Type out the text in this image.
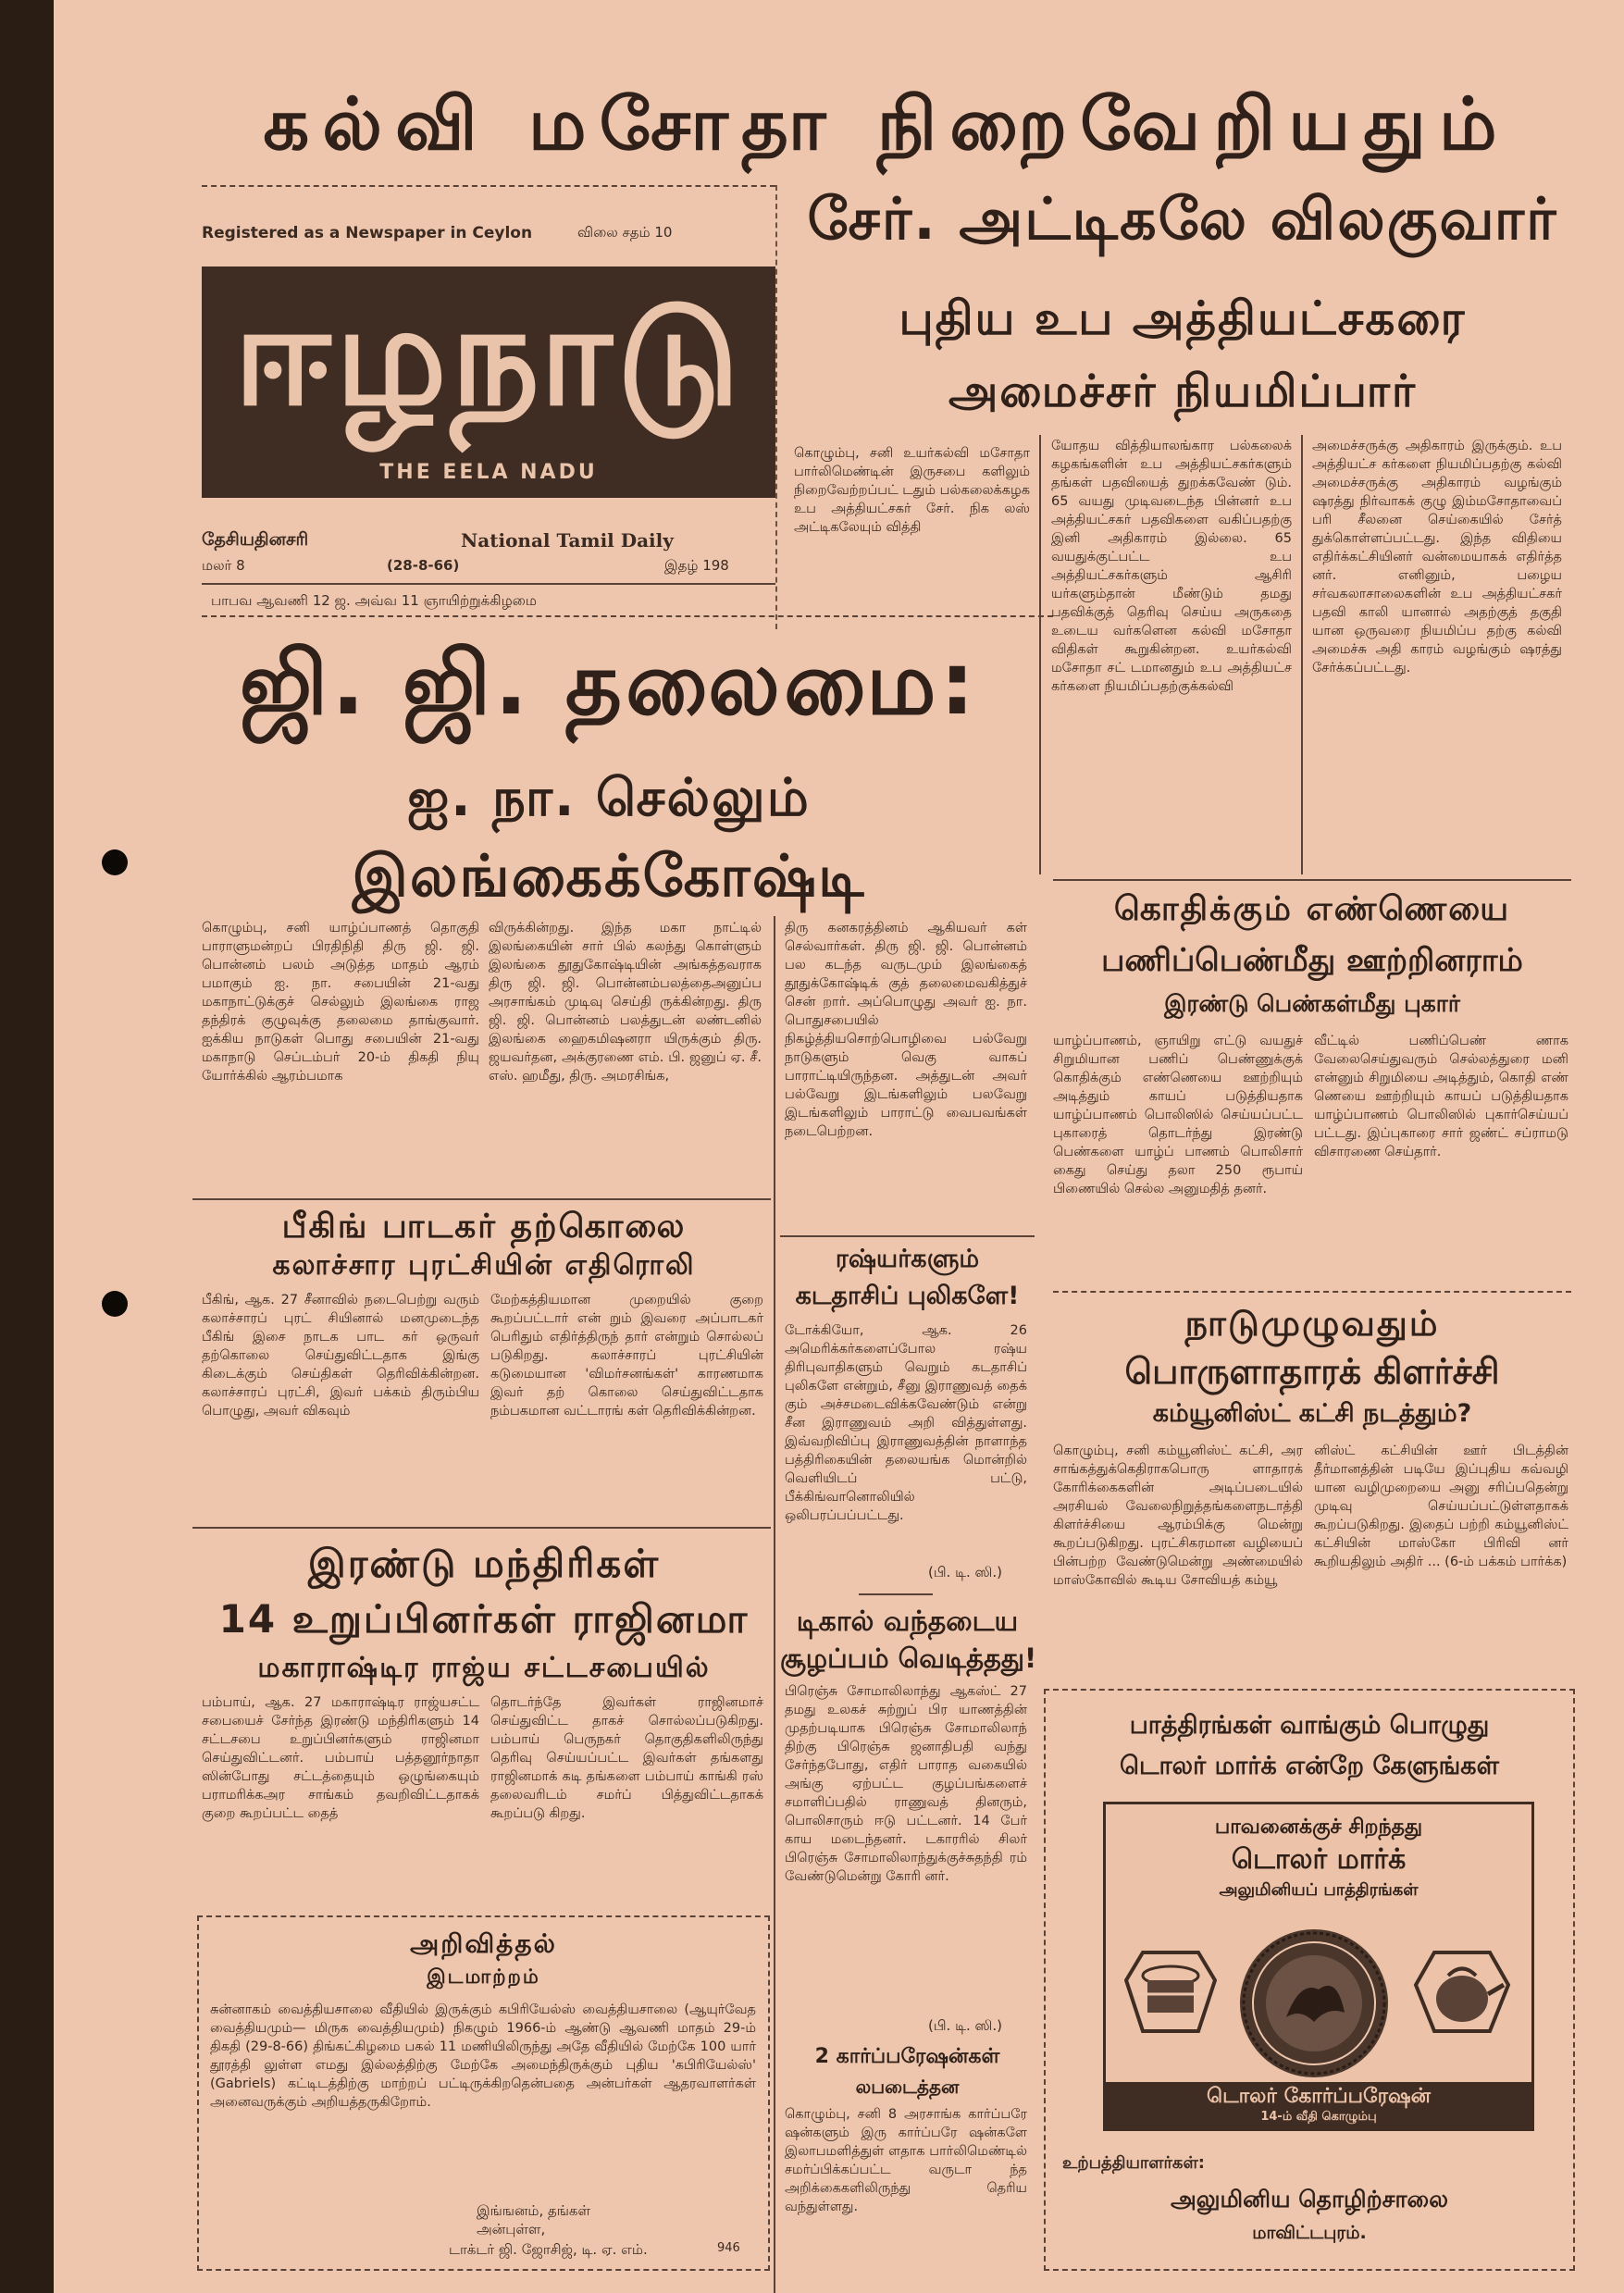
கல்வி மசோதா நிறைவேறியதும்
Registered as a Newspaper in Ceylon	விலை சதம் 10
ஈழநாடு
THE EELA NADU
தேசியதினசரி	National Tamil Daily
மலர் 8	(28-8-66)	இதழ் 198
பாபவ ஆவணி 12 ஜ. அவ்வ 11 ஞாயிற்றுக்கிழமை
சேர். அட்டிகலே விலகுவார்
புதிய உப அத்தியட்சகரை
அமைச்சர் நியமிப்பார்
கொழும்பு, சனி உயர்கல்வி மசோதா பார்லிமெண்டின் இருசபை களிலும் நிறைவேற்றப்பட் டதும் பல்கலைக்கழக உப அத்தியட்சகர் சேர். நிக லஸ் அட்டிகலேயும் வித்தி
யோதய வித்தியாலங்கார பல்கலைக் கழகங்களின் உப அத்தியட்சகர்களும் தங்கள் பதவியைத் துறக்கவேண் டும். 65 வயது முடிவடைந்த பின்னர் உப அத்தியட்சகர் பதவிகளை வகிப்பதற்கு இனி அதிகாரம் இல்லை. 65 வயதுக்குட்பட்ட உப அத்தியட்சகர்களும் ஆசிரி யர்களும்தான் மீண்டும் தமது பதவிக்குத் தெரிவு செய்ய அருகதை உடைய வர்களென கல்வி மசோதா விதிகள் கூறுகின்றன. உயர்கல்வி மசோதா சட் டமானதும் உப அத்தியட்ச கர்களை நியமிப்பதற்குக்கல்வி
அமைச்சருக்கு அதிகாரம் இருக்கும். உப அத்தியட்ச கர்களை நியமிப்பதற்கு கல்வி அமைச்சருக்கு அதிகாரம் வழங்கும் ஷரத்து நிர்வாகக் குழு இம்மசோதாவைப் பரி சீலனை செய்கையில் சேர்த் துக்கொள்ளப்பட்டது. இந்த விதியை எதிர்க்கட்சியினர் வன்மையாகக் எதிர்த்த னர். எனினும், பழைய சர்வகலாசாலைகளின் உப அத்தியட்சகர் பதவி காலி யானால் அதற்குத் தகுதி யான ஒருவரை நியமிப்ப தற்கு கல்வி அமைச்சு அதி காரம் வழங்கும் ஷரத்து சேர்க்கப்பட்டது.
ஜி. ஜி. தலைமை:
ஐ. நா. செல்லும்
இலங்கைக்கோஷ்டி
கொழும்பு, சனி யாழ்ப்பாணத் தொகுதி பாராளுமன்றப் பிரதிநிதி திரு ஜி. ஜி. பொன்னம் பலம் அடுத்த மாதம் ஆரம் பமாகும் ஐ. நா. சபையின் 21-வது மகாநாட்டுக்குச் செல்லும் இலங்கை ராஜ தந்திரக் குழுவுக்கு தலைமை தாங்குவார். ஐக்கிய நாடுகள் பொது சபையின் 21-வது மகாநாடு செப்டம்பர் 20-ம் திகதி நியு யோர்க்கில் ஆரம்பமாக
விருக்கின்றது. இந்த மகா நாட்டில் இலங்கையின் சார் பில் கலந்து கொள்ளும் இலங்கை தூதுகோஷ்டியின் அங்கத்தவராக திரு ஜி. ஜி. பொன்னம்பலத்தைஅனுப்ப அரசாங்கம் முடிவு செய்தி ருக்கின்றது. திரு ஜி. ஜி. பொன்னம் பலத்துடன் லண்டனில் இலங்கை ஹைகமிஷனரா யிருக்கும் திரு. ஜயவர்தன, அக்குரணை எம். பி. ஜனுப் ஏ. சீ. எஸ். ஹமீது, திரு. அமரசிங்க,
திரு கனகரத்தினம் ஆகியவர் கள் செல்வார்கள். திரு ஜி. ஜி. பொன்னம் பல கடந்த வருடமும் இலங்கைத் தூதுக்கோஷ்டிக் குத் தலைமைவகித்துச் சென் றார். அப்பொழுது அவர் ஐ. நா. பொதுசபையில் நிகழ்த்தியசொற்பொழிவை பல்வேறு நாடுகளும் வெகு வாகப் பாராட்டியிருந்தன. அத்துடன் அவர் பல்வேறு இடங்களிலும் பலவேறு இடங்களிலும் பாராட்டு வைபவங்கள் நடைபெற்றன.
பீகிங் பாடகர் தற்கொலை
கலாச்சார புரட்சியின் எதிரொலி
பீகிங், ஆக. 27 சீனாவில் நடைபெற்று வரும் கலாச்சாரப் புரட் சியினால் மனமுடைந்த பீகிங் இசை நாடக பாட கர் ஒருவர் தற்கொலை செய்துவிட்டதாக இங்கு கிடைக்கும் செய்திகள் தெரிவிக்கின்றன. கலாச்சாரப் புரட்சி, இவர் பக்கம் திரும்பிய பொழுது, அவர் விகவும்
மேற்கத்தியமான முறையில் குறை கூறப்பட்டார் என் றும் இவரை அப்பாடகர் பெரிதும் எதிர்த்திருந் தார் என்றும் சொல்லப் படுகிறது. கலாச்சாரப் புரட்சியின் கடுமையான 'விமர்சனங்கள்' காரணமாக இவர் தற் கொலை செய்துவிட்டதாக நம்பகமான வட்டாரங் கள் தெரிவிக்கின்றன.
இரண்டு மந்திரிகள்
14 உறுப்பினர்கள் ராஜினமா
மகாராஷ்டிர ராஜ்ய சட்டசபையில்
பம்பாய், ஆக. 27 மகாராஷ்டிர ராஜ்யசட்ட சபையைச் சேர்ந்த இரண்டு மந்திரிகளும் 14 சட்டசபை உறுப்பினர்களும் ராஜினமா செய்துவிட்டனர். பம்பாய் பத்தனூர்நாதா ஸின்போது சட்டத்தையும் ஒழுங்கையும் பராமரிக்கஅர சாங்கம் தவறிவிட்டதாகக் குறை கூறப்பட்ட தைத்
தொடர்ந்தே இவர்கள் ராஜினமாச் செய்துவிட்ட தாகச் சொல்லப்படுகிறது. பம்பாய் பெருநகர் தொகுதிகளிலிருந்து தெரிவு செய்யப்பட்ட இவர்கள் தங்களது ராஜினமாக் கடி தங்களை பம்பாய் காங்கி ரஸ் தலைவரிடம் சமர்ப் பித்துவிட்டதாகக் கூறப்படு கிறது.
அறிவித்தல்
இடமாற்றம்
சுன்னாகம் வைத்தியசாலை வீதியில் இருக்கும் கபிரியேல்ஸ் வைத்தியசாலை (ஆயுர்வேத வைத்தியமும்— மிருக வைத்தியமும்) நிகழும் 1966-ம் ஆண்டு ஆவணி மாதம் 29-ம் திகதி (29-8-66) திங்கட்கிழமை பகல் 11 மணியிலிருந்து அதே வீதியில் மேற்கே 100 யார் தூரத்தி லுள்ள எமது இல்லத்திற்கு மேற்கே அமைந்திருக்கும் புதிய 'கபிரியேல்ஸ்' (Gabriels) கட்டிடத்திற்கு மாற்றப் பட்டிருக்கிறதென்பதை அன்பர்கள் ஆதரவாளர்கள் அனைவருக்கும் அறியத்தருகிறோம்.
இங்ஙனம், தங்கள் அன்புள்ள,
டாக்டர் ஜி. ஜோசிஜ், டி. ஏ. எம்.	946
ரஷ்யர்களும்
கடதாசிப் புலிகளே!
டோக்கியோ, ஆக. 26 அமெரிக்கர்களைப்போல ரஷ்ய திரிபுவாதிகளும் வெறும் கடதாசிப் புலிகளே என்றும், சீனு இராணுவத் தைக் கும் அச்சமடைவிக்கவேண்டும் என்று சீன இராணுவம் அறி வித்துள்ளது. இவ்வறிவிப்பு இராணுவத்தின் நாளாந்த பத்திரிகையின் தலையங்க மொன்றில் வெளியிடப் பட்டு, பீக்கிங்வானொலியில் ஒலிபரப்பப்பட்டது.
(பி. டி. ஸி.)
டிகால் வந்தடைய
சூழப்பம் வெடித்தது!
பிரெஞ்சு சோமாலிலாந்து ஆகஸ்ட் 27 தமது உலகச் சுற்றுப் பிர யாணத்தின் முதற்படியாக பிரெஞ்சு சோமாலிலாந் திற்கு பிரெஞ்சு ஜனாதிபதி வந்து சேர்ந்தபோது, எதிர் பாராத வகையில் அங்கு ஏற்பட்ட குழப்பங்களைச் சமாளிப்பதில் ராணுவத் தினரும், பொலிசாரும் ஈடு பட்டனர். 14 பேர் காய மடைந்தனர். டகாரரில் சிலர் பிரெஞ்சு சோமாலிலாந்துக்குச்சுதந்தி ரம் வேண்டுமென்று கோரி னர்.
(பி. டி. ஸி.)
2 கார்ப்பரேஷன்கள்
லபடைத்தன
கொழும்பு, சனி 8 அரசாங்க கார்ப்பரே ஷன்களும் இரு கார்ப்பரே ஷன்களே இலாபமளித்துள் ளதாக பார்லிமெண்டில் சமர்ப்பிக்கப்பட்ட வருடா ந்த அறிக்கைகளிலிருந்து தெரிய வந்துள்ளது.
கொதிக்கும் எண்ணெயை
பணிப்பெண்மீது ஊற்றினராம்
இரண்டு பெண்கள்மீது புகார்
யாழ்ப்பாணம், ஞாயிறு எட்டு வயதுச் சிறுமியான பணிப் பெண்ணுக்குக் கொதிக்கும் எண்ணெயை ஊற்றியும் அடித்தும் காயப் படுத்தியதாக யாழ்ப்பாணம் பொலிஸில் செய்யப்பட்ட புகாரைத் தொடர்ந்து இரண்டு பெண்களை யாழ்ப் பாணம் பொலிசார் கைது செய்து தலா 250 ரூபாய் பிணையில் செல்ல அனுமதித் தனர்.
வீட்டில் பணிப்பெண் ணாக வேலைசெய்துவரும் செல்லத்துரை மனி என்னும் சிறுமியை அடித்தும், கொதி எண் ணெயை ஊற்றியும் காயப் படுத்தியதாக யாழ்ப்பாணம் பொலிஸில் புகார்செய்யப் பட்டது. இப்புகாரை சார் ஜண்ட் சப்ராமடு விசாரணை செய்தார்.
நாடுமுழுவதும்
பொருளாதாரக் கிளர்ச்சி
கம்யூனிஸ்ட் கட்சி நடத்தும்?
கொழும்பு, சனி கம்யூனிஸ்ட் கட்சி, அர சாங்கத்துக்கெதிராகபொரு ளாதாரக் கோரிக்கைகளின் அடிப்படையில் அரசியல் வேலைநிறுத்தங்களைநடாத்தி கிளர்ச்சியை ஆரம்பிக்கு மென்று கூறப்படுகிறது. புரட்சிகரமான வழியைப் பின்பற்ற வேண்டுமென்று அண்மையில் மாஸ்கோவில் கூடிய சோவியத் கம்யூ
னிஸ்ட் கட்சியின் ஊர் பிடத்தின் தீர்மானத்தின் படியே இப்புதிய கவ்வழி யான வழிமுறையை அனு சரிப்பதென்று முடிவு செய்யப்பட்டுள்ளதாகக் கூறப்படுகிறது. இதைப் பற்றி கம்யூனிஸ்ட் கட்சியின் மாஸ்கோ பிரிவி னர் கூறியதிலும் அதிர் ... (6-ம் பக்கம் பார்க்க)
பாத்திரங்கள் வாங்கும் பொழுது
டொலர் மார்க் என்றே கேளுங்கள்
பாவனைக்குச் சிறந்தது
டொலர் மார்க்
அலுமினியப் பாத்திரங்கள்
டொலர் கோர்ப்பரேஷன்
14-ம் வீதி கொழும்பு
உற்பத்தியாளர்கள்:
அலுமினிய தொழிற்சாலை
மாவிட்டபுரம்.
